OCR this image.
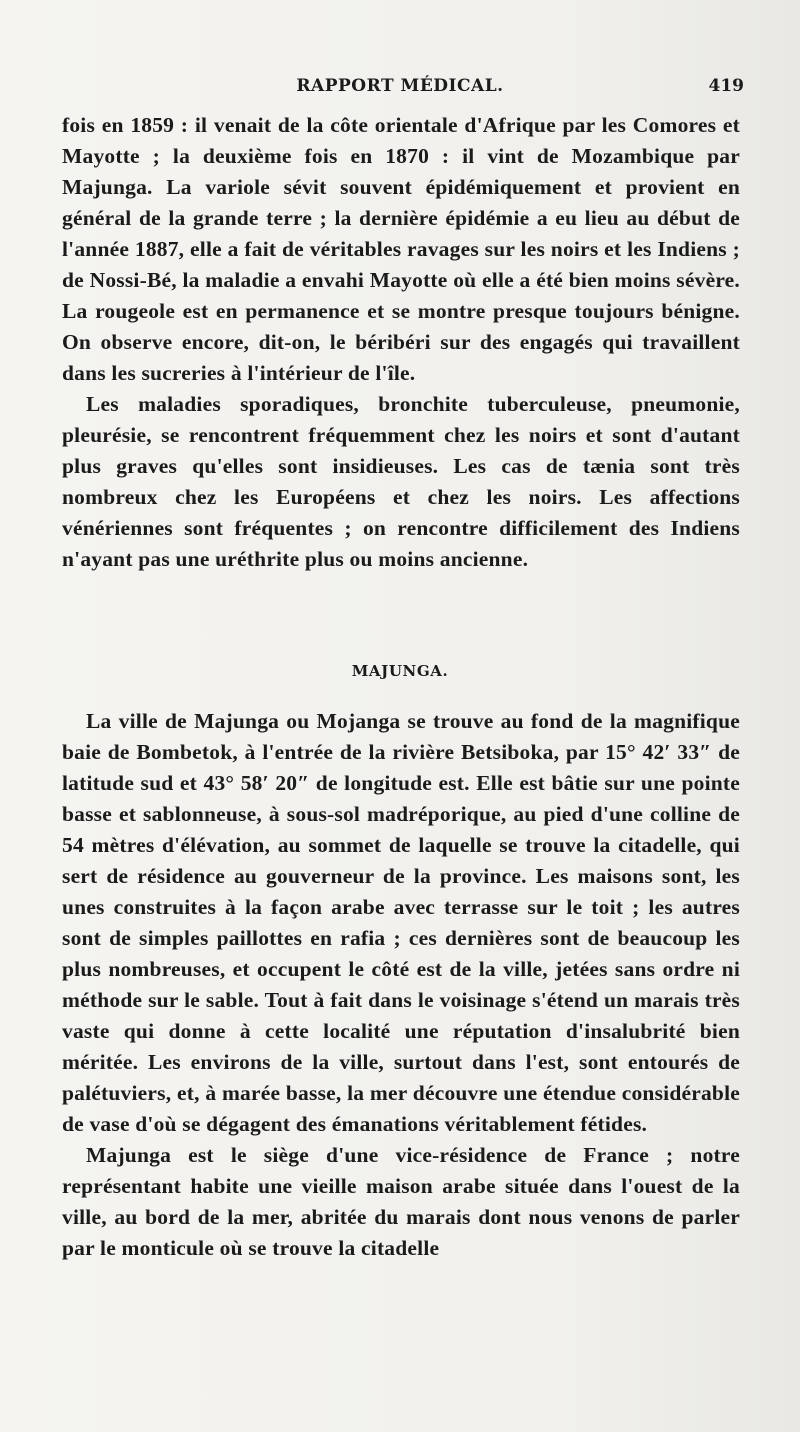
RAPPORT MÉDICAL.	419

fois en 1859 : il venait de la côte orientale d'Afrique par les Comores et Mayotte ; la deuxième fois en 1870 : il vint de Mozambique par Majunga. La variole sévit souvent épidémiquement et provient en général de la grande terre ; la dernière épidémie a eu lieu au début de l'année 1887, elle a fait de véritables ravages sur les noirs et les Indiens ; de Nossi-Bé, la maladie a envahi Mayotte où elle a été bien moins sévère. La rougeole est en permanence et se montre presque toujours bénigne. On observe encore, dit-on, le béribéri sur des engagés qui travaillent dans les sucreries à l'intérieur de l'île.

Les maladies sporadiques, bronchite tuberculeuse, pneumonie, pleurésie, se rencontrent fréquemment chez les noirs et sont d'autant plus graves qu'elles sont insidieuses. Les cas de tænia sont très nombreux chez les Européens et chez les noirs. Les affections vénériennes sont fréquentes ; on rencontre difficilement des Indiens n'ayant pas une uréthrite plus ou moins ancienne.

MAJUNGA.

La ville de Majunga ou Mojanga se trouve au fond de la magnifique baie de Bombetok, à l'entrée de la rivière Betsiboka, par 15° 42′ 33″ de latitude sud et 43° 58′ 20″ de longitude est. Elle est bâtie sur une pointe basse et sablonneuse, à sous-sol madréporique, au pied d'une colline de 54 mètres d'élévation, au sommet de laquelle se trouve la citadelle, qui sert de résidence au gouverneur de la province. Les maisons sont, les unes construites à la façon arabe avec terrasse sur le toit ; les autres sont de simples paillottes en rafia ; ces dernières sont de beaucoup les plus nombreuses, et occupent le côté est de la ville, jetées sans ordre ni méthode sur le sable. Tout à fait dans le voisinage s'étend un marais très vaste qui donne à cette localité une réputation d'insalubrité bien méritée. Les environs de la ville, surtout dans l'est, sont entourés de palétuviers, et, à marée basse, la mer découvre une étendue considérable de vase d'où se dégagent des émanations véritablement fétides.

Majunga est le siège d'une vice-résidence de France ; notre représentant habite une vieille maison arabe située dans l'ouest de la ville, au bord de la mer, abritée du marais dont nous venons de parler par le monticule où se trouve la citadelle
